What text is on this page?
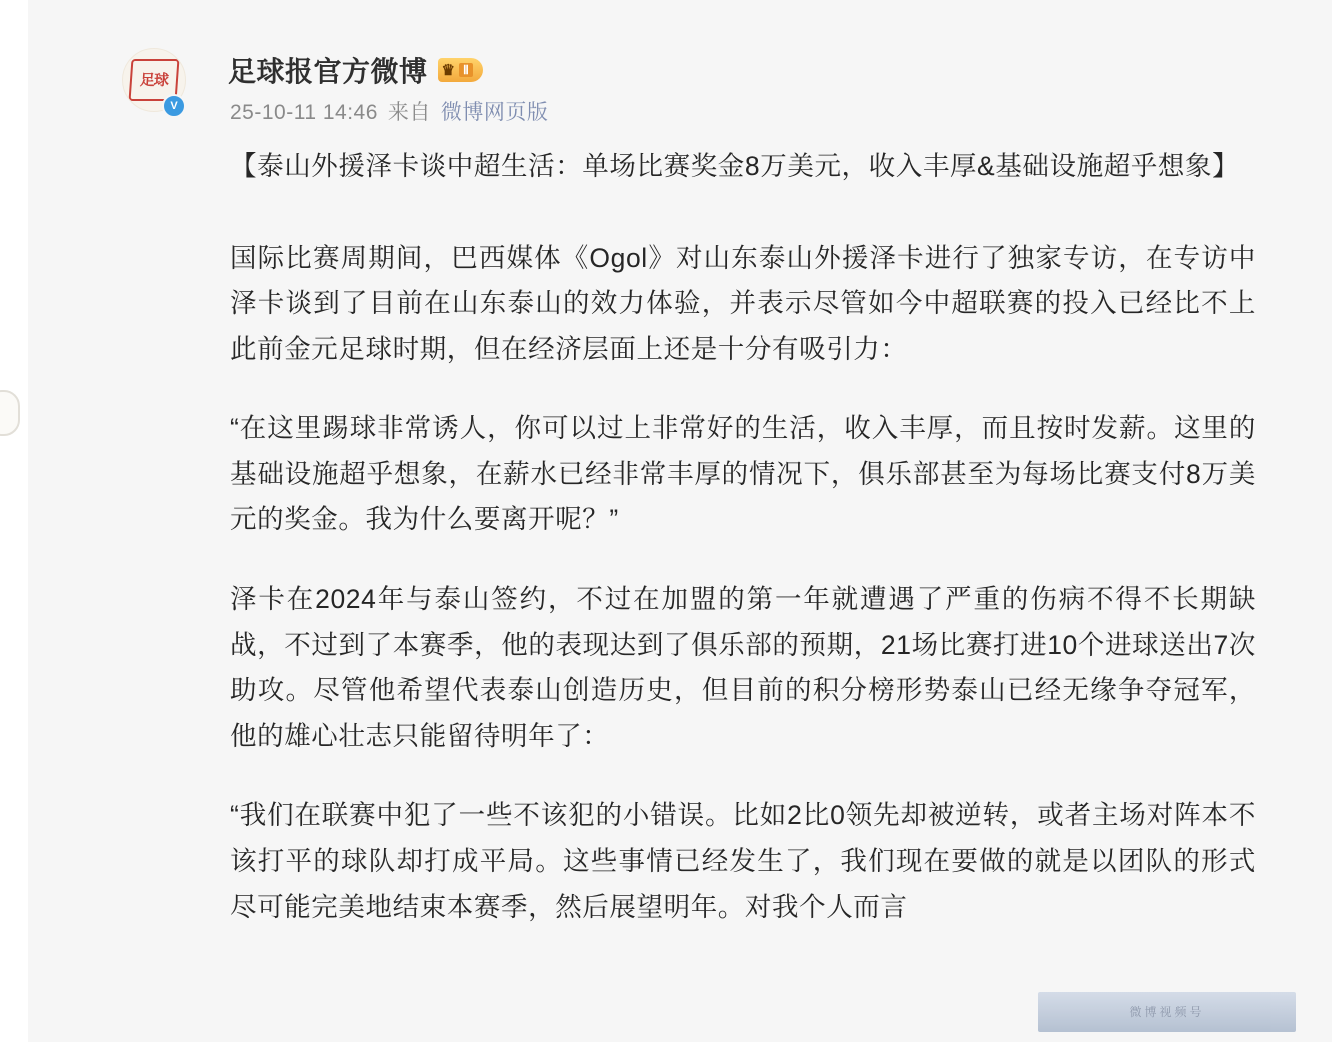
足球
V
足球报官方微博 ♛ Ⅱ
25-10-11 14:46 来自 微博网页版

【泰山外援泽卡谈中超生活：单场比赛奖金8万美元，收入丰厚&基础设施超乎想象】

国际比赛周期间，巴西媒体《Ogol》对山东泰山外援泽卡进行了独家专访，在专访中泽卡谈到了目前在山东泰山的效力体验，并表示尽管如今中超联赛的投入已经比不上此前金元足球时期，但在经济层面上还是十分有吸引力：

“在这里踢球非常诱人，你可以过上非常好的生活，收入丰厚，而且按时发薪。这里的基础设施超乎想象，在薪水已经非常丰厚的情况下，俱乐部甚至为每场比赛支付8万美元的奖金。我为什么要离开呢？”

泽卡在2024年与泰山签约，不过在加盟的第一年就遭遇了严重的伤病不得不长期缺战，不过到了本赛季，他的表现达到了俱乐部的预期，21场比赛打进10个进球送出7次助攻。尽管他希望代表泰山创造历史，但目前的积分榜形势泰山已经无缘争夺冠军，他的雄心壮志只能留待明年了：

“我们在联赛中犯了一些不该犯的小错误。比如2比0领先却被逆转，或者主场对阵本不该打平的球队却打成平局。这些事情已经发生了，我们现在要做的就是以团队的形式尽可能完美地结束本赛季，然后展望明年。对我个人而言

微博视频号
